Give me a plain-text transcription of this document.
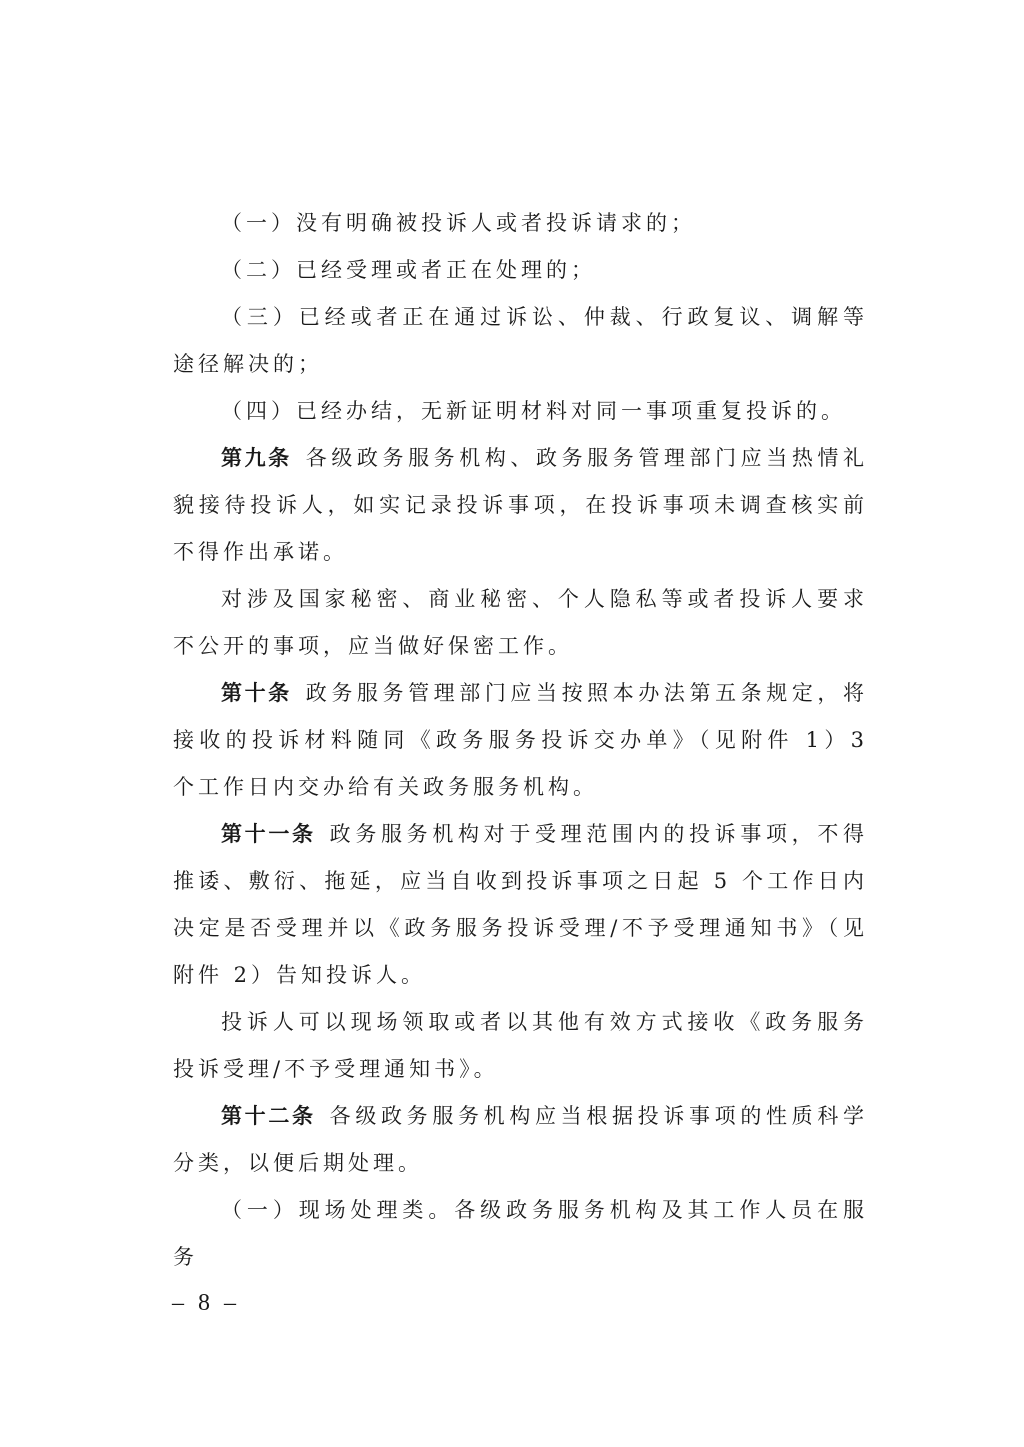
（一）没有明确被投诉人或者投诉请求的；

（二）已经受理或者正在处理的；

（三）已经或者正在通过诉讼、仲裁、行政复议、调解等途径解决的；

（四）已经办结，无新证明材料对同一事项重复投诉的。

第九条 各级政务服务机构、政务服务管理部门应当热情礼貌接待投诉人，如实记录投诉事项，在投诉事项未调查核实前不得作出承诺。

对涉及国家秘密、商业秘密、个人隐私等或者投诉人要求不公开的事项，应当做好保密工作。

第十条 政务服务管理部门应当按照本办法第五条规定，将接收的投诉材料随同《政务服务投诉交办单》（见附件 1）3 个工作日内交办给有关政务服务机构。

第十一条 政务服务机构对于受理范围内的投诉事项，不得推诿、敷衍、拖延，应当自收到投诉事项之日起 5 个工作日内决定是否受理并以《政务服务投诉受理/不予受理通知书》（见附件 2）告知投诉人。

投诉人可以现场领取或者以其他有效方式接收《政务服务投诉受理/不予受理通知书》。

第十二条 各级政务服务机构应当根据投诉事项的性质科学分类，以便后期处理。

（一）现场处理类。各级政务服务机构及其工作人员在服务

– 8 –
